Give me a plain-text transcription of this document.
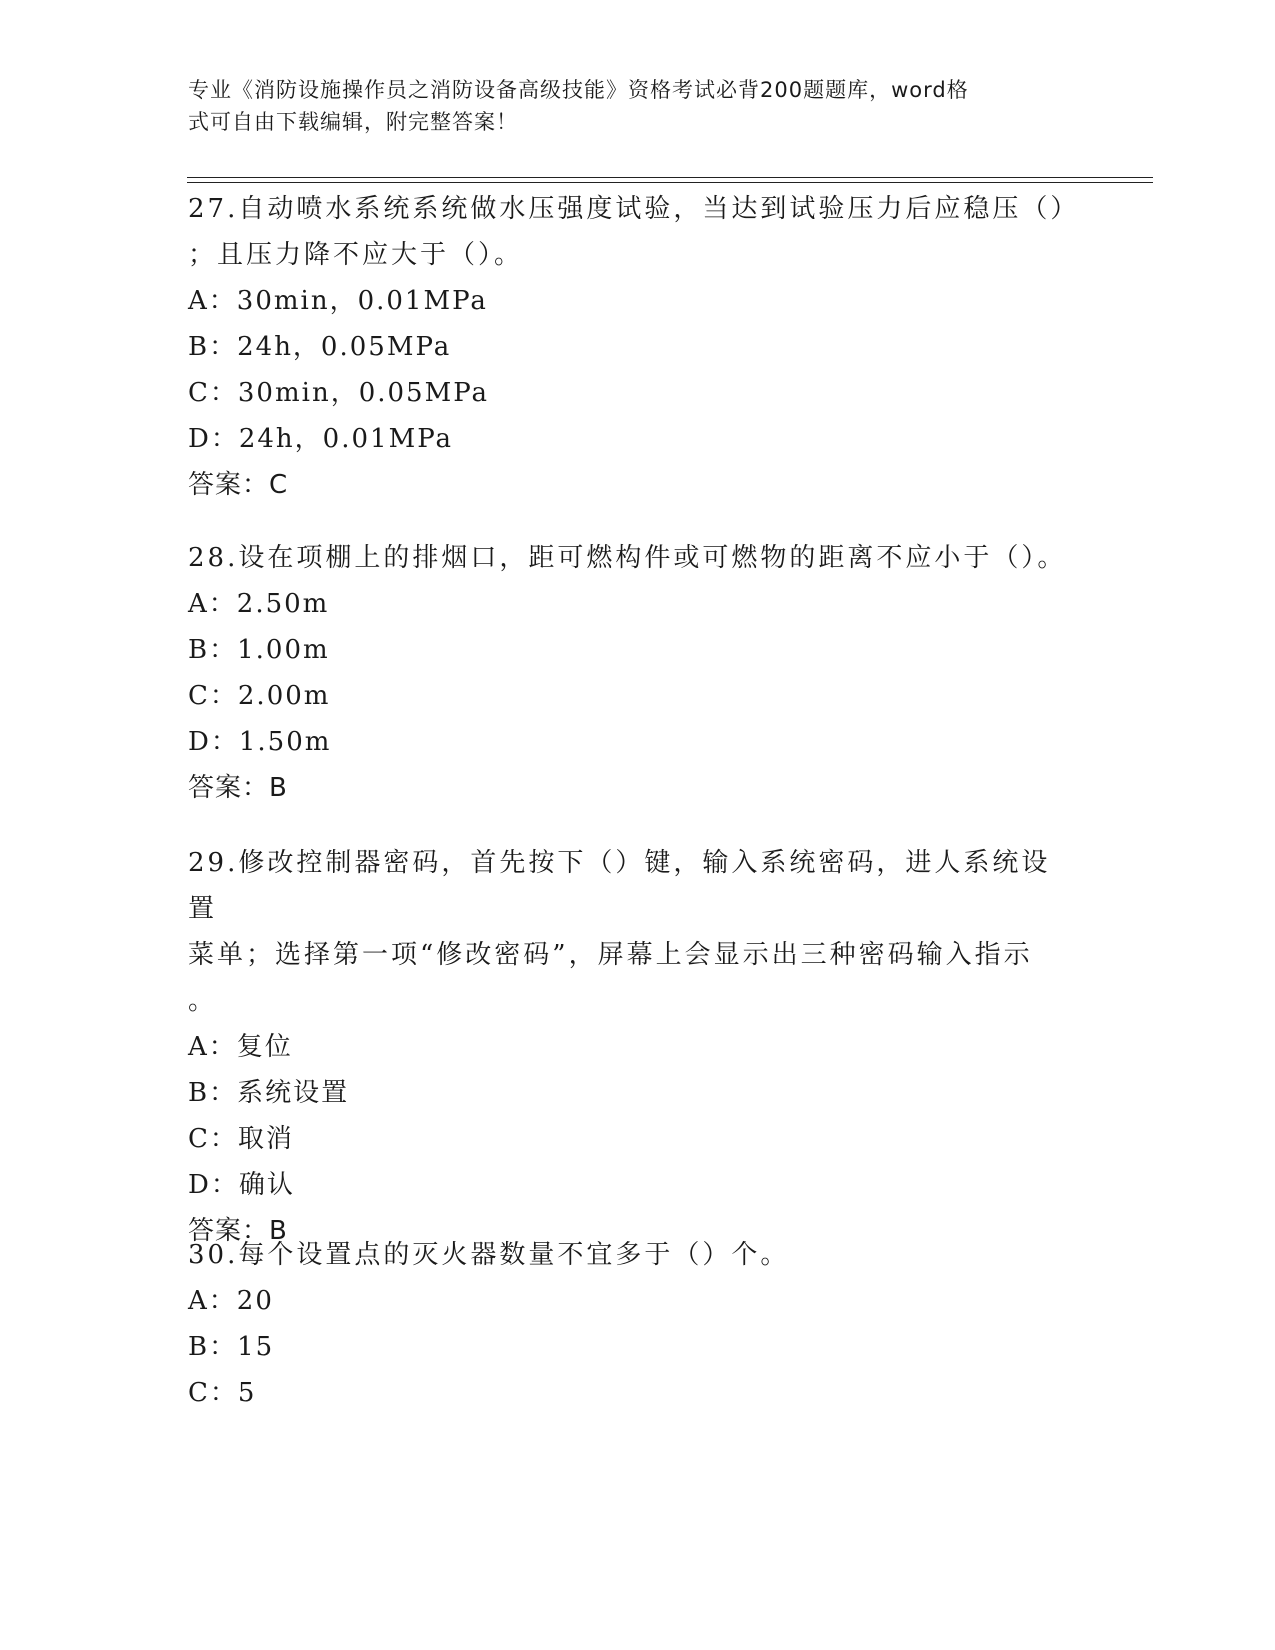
专业《消防设施操作员之消防设备高级技能》资格考试必背200题题库，word格
式可自由下载编辑，附完整答案！
27.自动喷水系统系统做水压强度试验，当达到试验压力后应稳压（）
；且压力降不应大于（）。
A：30min，0.01MPa
B：24h，0.05MPa
C：30min，0.05MPa
D：24h，0.01MPa
答案：C
28.设在项棚上的排烟口，距可燃构件或可燃物的距离不应小于（）。
A：2.50m
B：1.00m
C：2.00m
D：1.50m
答案：B
29.修改控制器密码，首先按下（）键，输入系统密码，进人系统设置
菜单；选择第一项“修改密码”，屏幕上会显示出三种密码输入指示
。
A：复位
B：系统设置
C：取消
D：确认
答案：B
30.每个设置点的灭火器数量不宜多于（）个。
A：20
B：15
C：5
